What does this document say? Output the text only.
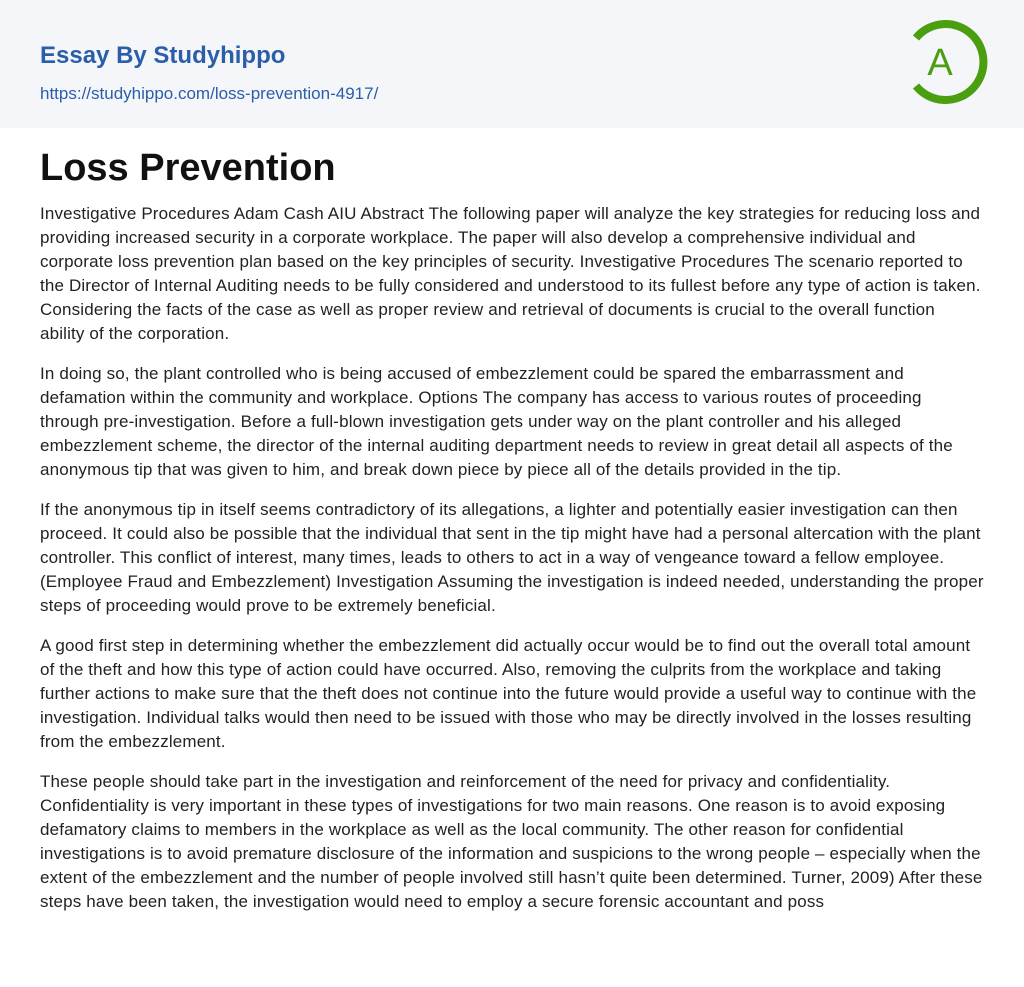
Essay By Studyhippo
https://studyhippo.com/loss-prevention-4917/
A
Loss Prevention

Investigative Procedures Adam Cash AIU Abstract The following paper will analyze the key strategies for reducing loss and providing increased security in a corporate workplace. The paper will also develop a comprehensive individual and corporate loss prevention plan based on the key principles of security. Investigative Procedures The scenario reported to the Director of Internal Auditing needs to be fully considered and understood to its fullest before any type of action is taken. Considering the facts of the case as well as proper review and retrieval of documents is crucial to the overall function ability of the corporation.

In doing so, the plant controlled who is being accused of embezzlement could be spared the embarrassment and defamation within the community and workplace. Options The company has access to various routes of proceeding through pre-investigation. Before a full-blown investigation gets under way on the plant controller and his alleged embezzlement scheme, the director of the internal auditing department needs to review in great detail all aspects of the anonymous tip that was given to him, and break down piece by piece all of the details provided in the tip.

If the anonymous tip in itself seems contradictory of its allegations, a lighter and potentially easier investigation can then proceed. It could also be possible that the individual that sent in the tip might have had a personal altercation with the plant controller. This conflict of interest, many times, leads to others to act in a way of vengeance toward a fellow employee. (Employee Fraud and Embezzlement) Investigation Assuming the investigation is indeed needed, understanding the proper steps of proceeding would prove to be extremely beneficial.

A good first step in determining whether the embezzlement did actually occur would be to find out the overall total amount of the theft and how this type of action could have occurred. Also, removing the culprits from the workplace and taking further actions to make sure that the theft does not continue into the future would provide a useful way to continue with the investigation. Individual talks would then need to be issued with those who may be directly involved in the losses resulting from the embezzlement.

These people should take part in the investigation and reinforcement of the need for privacy and confidentiality. Confidentiality is very important in these types of investigations for two main reasons. One reason is to avoid exposing defamatory claims to members in the workplace as well as the local community. The other reason for confidential investigations is to avoid premature disclosure of the information and suspicions to the wrong people – especially when the extent of the embezzlement and the number of people involved still hasn’t quite been determined. Turner, 2009) After these steps have been taken, the investigation would need to employ a secure forensic accountant and poss
